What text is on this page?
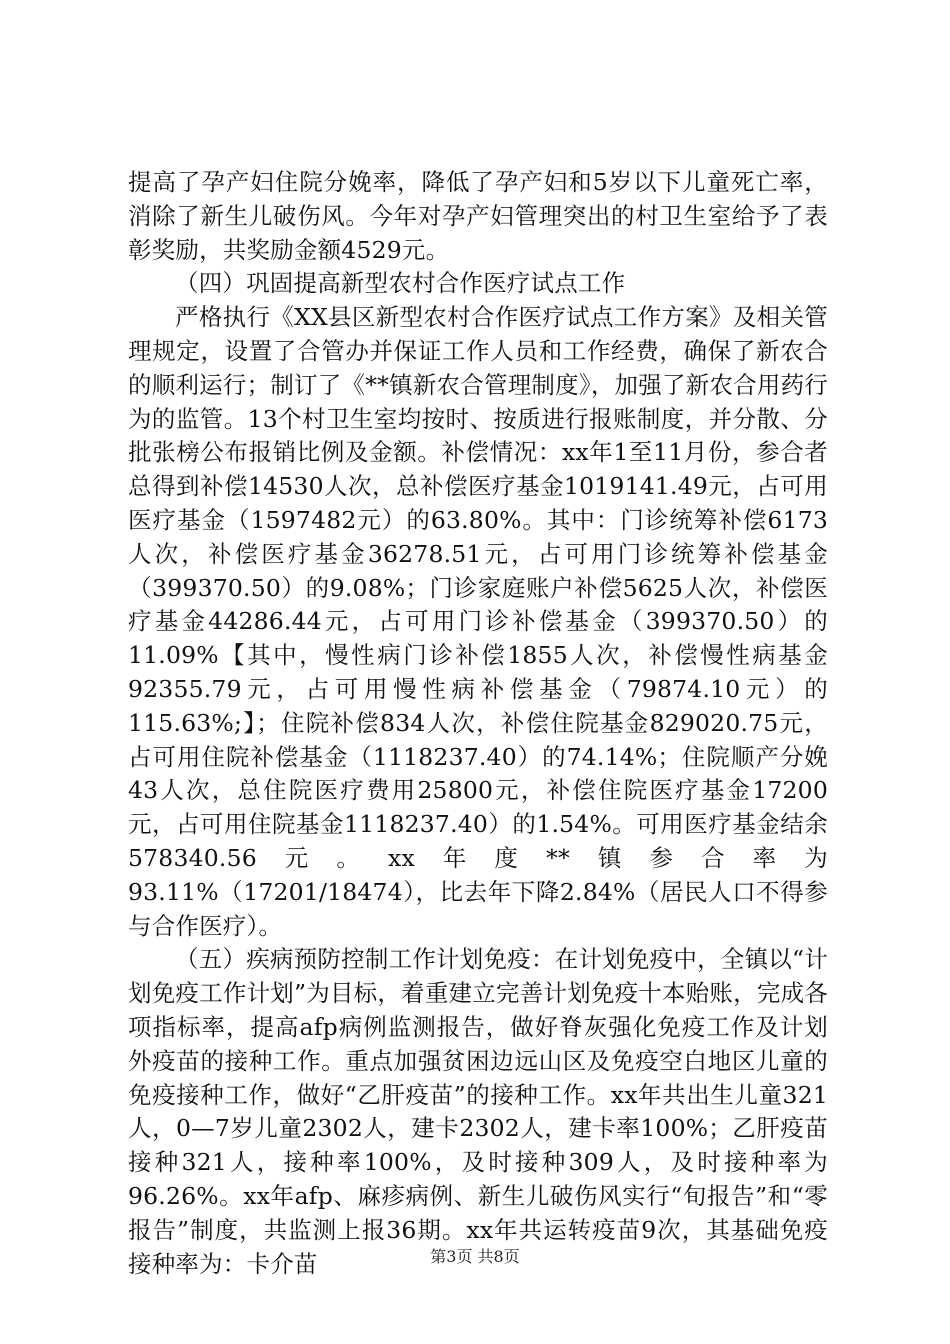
提高了孕产妇住院分娩率，降低了孕产妇和5岁以下儿童死亡率，消除了新生儿破伤风。今年对孕产妇管理突出的村卫生室给予了表彰奖励，共奖励金额4529元。

（四）巩固提高新型农村合作医疗试点工作

严格执行《XX县区新型农村合作医疗试点工作方案》及相关管理规定，设置了合管办并保证工作人员和工作经费，确保了新农合的顺利运行；制订了《**镇新农合管理制度》，加强了新农合用药行为的监管。13个村卫生室均按时、按质进行报账制度，并分散、分批张榜公布报销比例及金额。补偿情况：xx年1至11月份，参合者总得到补偿14530人次，总补偿医疗基金1019141.49元，占可用医疗基金（1597482元）的63.80%。其中：门诊统筹补偿6173人次，补偿医疗基金36278.51元，占可用门诊统筹补偿基金（399370.50）的9.08%；门诊家庭账户补偿5625人次，补偿医疗基金44286.44元，占可用门诊补偿基金（399370.50）的11.09%【其中，慢性病门诊补偿1855人次，补偿慢性病基金92355.79元，占可用慢性病补偿基金（79874.10元）的115.63%;】；住院补偿834人次，补偿住院基金829020.75元，占可用住院补偿基金（1118237.40）的74.14%；住院顺产分娩43人次，总住院医疗费用25800元，补偿住院医疗基金17200元，占可用住院基金1118237.40）的1.54%。可用医疗基金结余578340.56元。xx年度**镇参合率为93.11%（17201/18474），比去年下降2.84%（居民人口不得参与合作医疗）。

（五）疾病预防控制工作计划免疫：在计划免疫中，全镇以“计划免疫工作计划”为目标，着重建立完善计划免疫十本贻账，完成各项指标率，提高afp病例监测报告，做好脊灰强化免疫工作及计划外疫苗的接种工作。重点加强贫困边远山区及免疫空白地区儿童的免疫接种工作，做好“乙肝疫苗”的接种工作。xx年共出生儿童321人，0—7岁儿童2302人，建卡2302人，建卡率100%；乙肝疫苗接种321人，接种率100%，及时接种309人，及时接种率为96.26%。xx年afp、麻疹病例、新生儿破伤风实行“旬报告”和“零报告”制度，共监测上报36期。xx年共运转疫苗9次，其基础免疫接种率为：卡介苗	第3页 共8页
